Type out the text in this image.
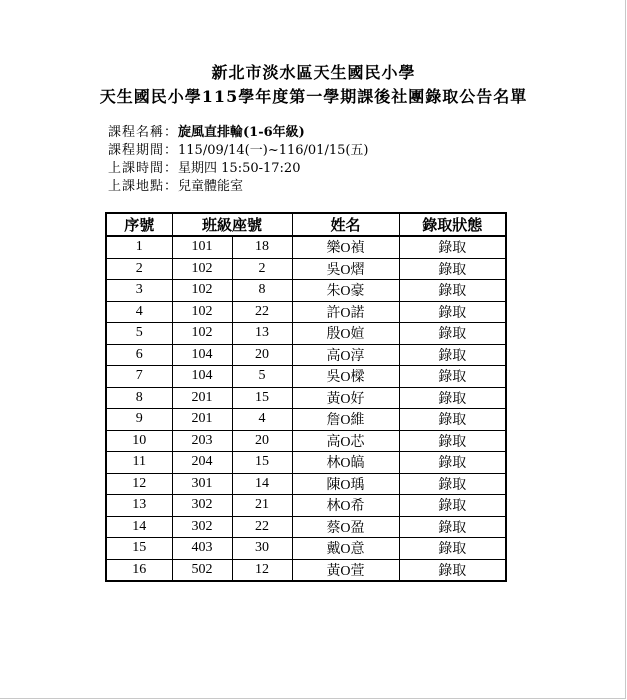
新北市淡水區天生國民小學
天生國民小學115學年度第一學期課後社團錄取公告名單
課程名稱：旋風直排輪(1-6年級)
課程期間：115/09/14(一)~116/01/15(五)
上課時間：星期四 15:50-17:20
上課地點：兒童體能室
序號	班級座號		姓名	錄取狀態
1	101	18	樂O禎	錄取
2	102	2	吳O熠	錄取
3	102	8	朱O豪	錄取
4	102	22	許O諾	錄取
5	102	13	殷O媗	錄取
6	104	20	高O淳	錄取
7	104	5	吳O樑	錄取
8	201	15	黃O好	錄取
9	201	4	詹O維	錄取
10	203	20	高O芯	錄取
11	204	15	林O皜	錄取
12	301	14	陳O瑀	錄取
13	302	21	林O希	錄取
14	302	22	蔡O盈	錄取
15	403	30	戴O意	錄取
16	502	12	黃O萱	錄取
